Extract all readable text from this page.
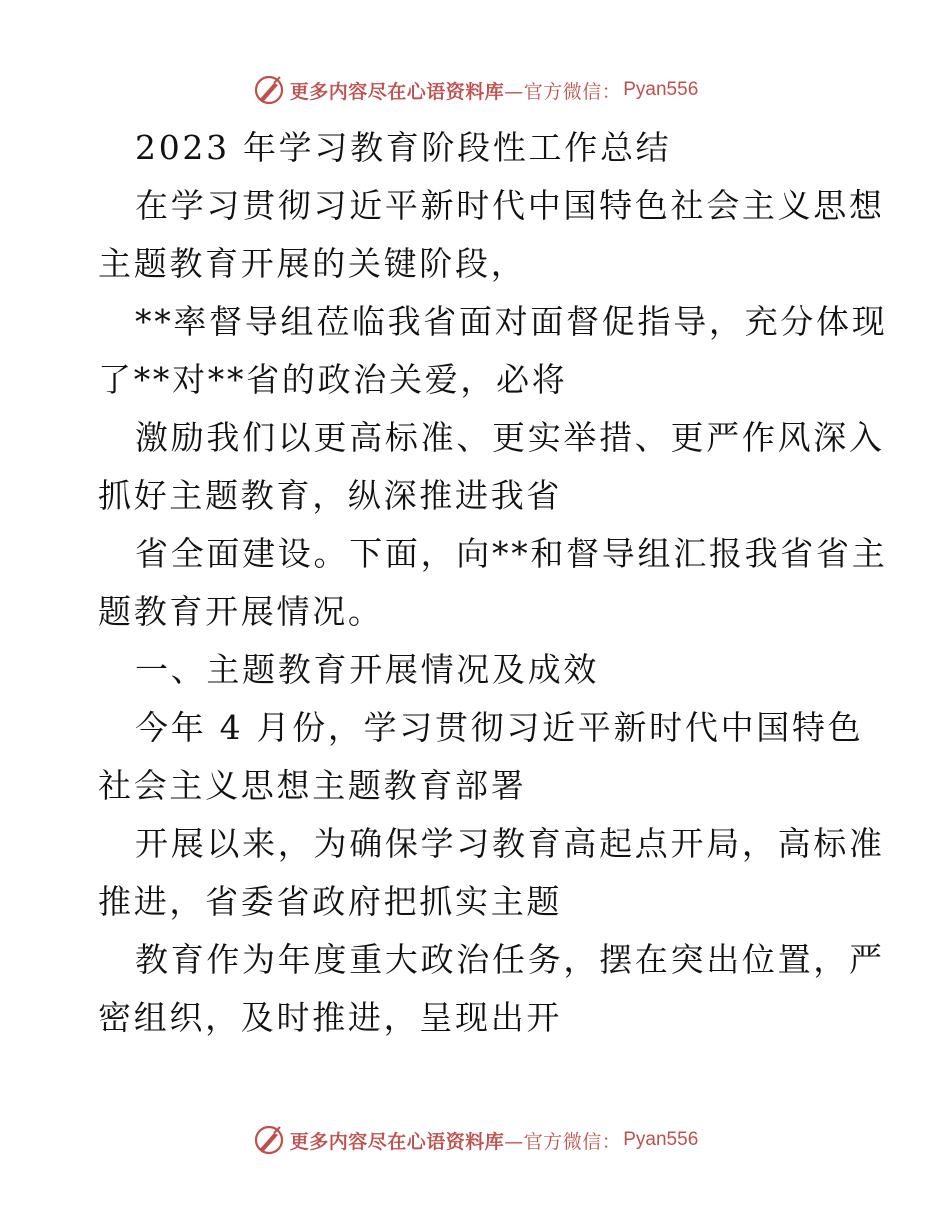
更多内容尽在心语资料库 —官方微信： Pyan556
2023 年学习教育阶段性工作总结
在学习贯彻习近平新时代中国特色社会主义思想
主题教育开展的关键阶段，
**率督导组莅临我省面对面督促指导，充分体现
了**对**省的政治关爱，必将
激励我们以更高标准、更实举措、更严作风深入
抓好主题教育，纵深推进我省
省全面建设。下面，向**和督导组汇报我省省主
题教育开展情况。
一、主题教育开展情况及成效
今年 4 月份，学习贯彻习近平新时代中国特色
社会主义思想主题教育部署
开展以来，为确保学习教育高起点开局，高标准
推进，省委省政府把抓实主题
教育作为年度重大政治任务，摆在突出位置，严
密组织，及时推进，呈现出开
更多内容尽在心语资料库 —官方微信： Pyan556
